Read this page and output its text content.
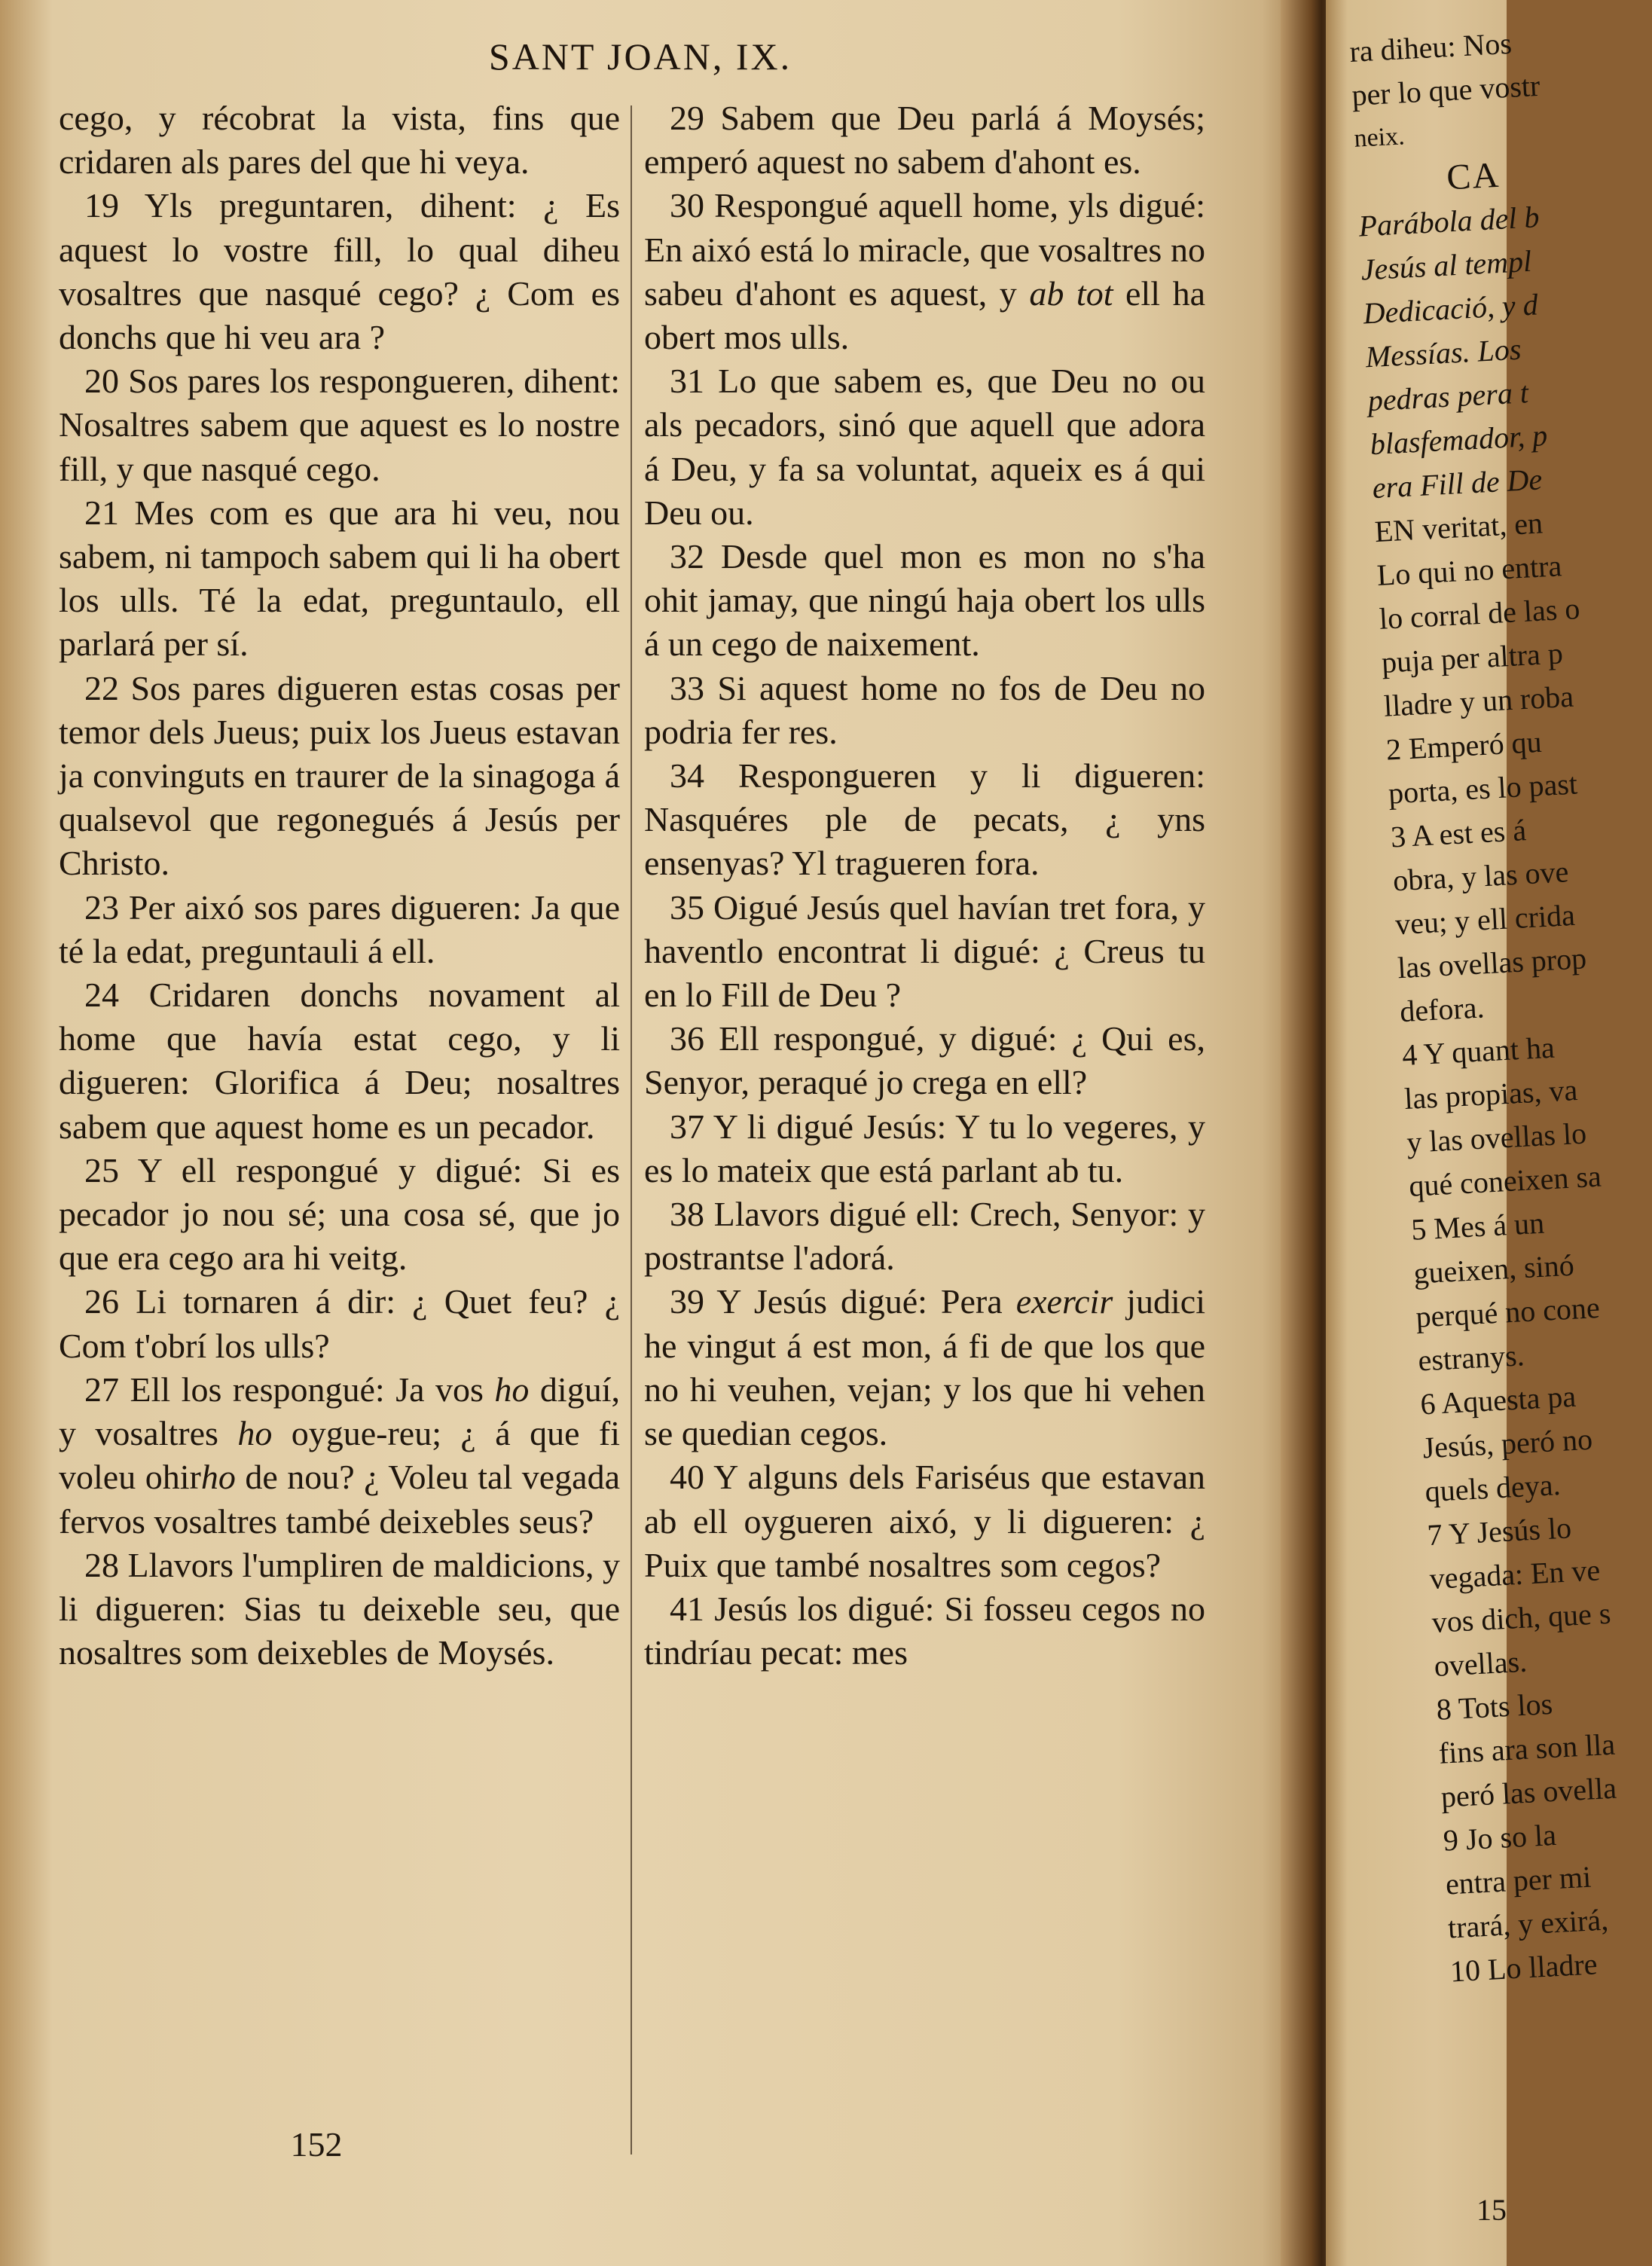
SANT JOAN, IX.

cego, y récobrat la vista, fins que cridaren als pares del que hi veya.

19 Yls preguntaren, dihent: ¿ Es aquest lo vostre fill, lo qual diheu vosaltres que nasqué cego? ¿ Com es donchs que hi veu ara ?

20 Sos pares los respongueren, dihent: Nosaltres sabem que aquest es lo nostre fill, y que nasqué cego.

21 Mes com es que ara hi veu, nou sabem, ni tampoch sabem qui li ha obert los ulls. Té la edat, preguntaulo, ell parlará per sí.

22 Sos pares digueren estas cosas per temor dels Jueus; puix los Jueus estavan ja convinguts en traurer de la sinagoga á qualsevol que regonegués á Jesús per Christo.

23 Per aixó sos pares digueren: Ja que té la edat, preguntauli á ell.

24 Cridaren donchs novament al home que havía estat cego, y li digueren: Glorifica á Deu; nosaltres sabem que aquest home es un pecador.

25 Y ell respongué y digué: Si es pecador jo nou sé; una cosa sé, que jo que era cego ara hi veitg.

26 Li tornaren á dir: ¿ Quet feu? ¿ Com t'obrí los ulls?

27 Ell los respongué: Ja vos ho diguí, y vosaltres ho oygue-reu; ¿ á que fi voleu ohirho de nou? ¿ Voleu tal vegada fervos vosaltres també deixebles seus?

28 Llavors l'umpliren de maldicions, y li digueren: Sias tu deixeble seu, que nosaltres som deixebles de Moysés.

29 Sabem que Deu parlá á Moysés; emperó aquest no sabem d'ahont es.

30 Respongué aquell home, yls digué: En aixó está lo miracle, que vosaltres no sabeu d'ahont es aquest, y ab tot ell ha obert mos ulls.

31 Lo que sabem es, que Deu no ou als pecadors, sinó que aquell que adora á Deu, y fa sa voluntat, aqueix es á qui Deu ou.

32 Desde quel mon es mon no s'ha ohit jamay, que ningú haja obert los ulls á un cego de naixement.

33 Si aquest home no fos de Deu no podria fer res.

34 Respongueren y li digueren: Nasquéres ple de pecats, ¿ yns ensenyas? Yl tragueren fora.

35 Oigué Jesús quel havían tret fora, y haventlo encontrat li digué: ¿ Creus tu en lo Fill de Deu ?

36 Ell respongué, y digué: ¿ Qui es, Senyor, peraqué jo crega en ell?

37 Y li digué Jesús: Y tu lo vegeres, y es lo mateix que está parlant ab tu.

38 Llavors digué ell: Crech, Senyor: y postrantse l'adorá.

39 Y Jesús digué: Pera exercir judici he vingut á est mon, á fi de que los que no hi veuhen, vejan; y los que hi vehen se quedian cegos.

40 Y alguns dels Fariséus que estavan ab ell oygueren aixó, y li digueren: ¿ Puix que també nosaltres som cegos?

41 Jesús los digué: Si fosseu cegos no tindríau pecat: mes

152
ra diheu: Nos
per lo que vostr
neix.
CA
Parábola del b
Jesús al templ
Dedicació, y d
Messías. Los
pedras pera t
blasfemador, p
era Fill de De
EN veritat, en
Lo qui no entra
lo corral de las o
puja per altra p
lladre y un roba
2 Emperó qu
porta, es lo past
3 A est es á
obra, y las ove
veu; y ell crida
las ovellas prop
defora.
4 Y quant ha
las propias, va
y las ovellas lo
qué coneixen sa
5 Mes á un
gueixen, sinó
perqué no cone
estranys.
6 Aquesta pa
Jesús, peró no
quels deya.
7 Y Jesús lo
vegada: En ve
vos dich, que s
ovellas.
8 Tots los
fins ara son lla
peró las ovella
9 Jo so la
entra per mi
trará, y exirá,
10 Lo lladre
15
